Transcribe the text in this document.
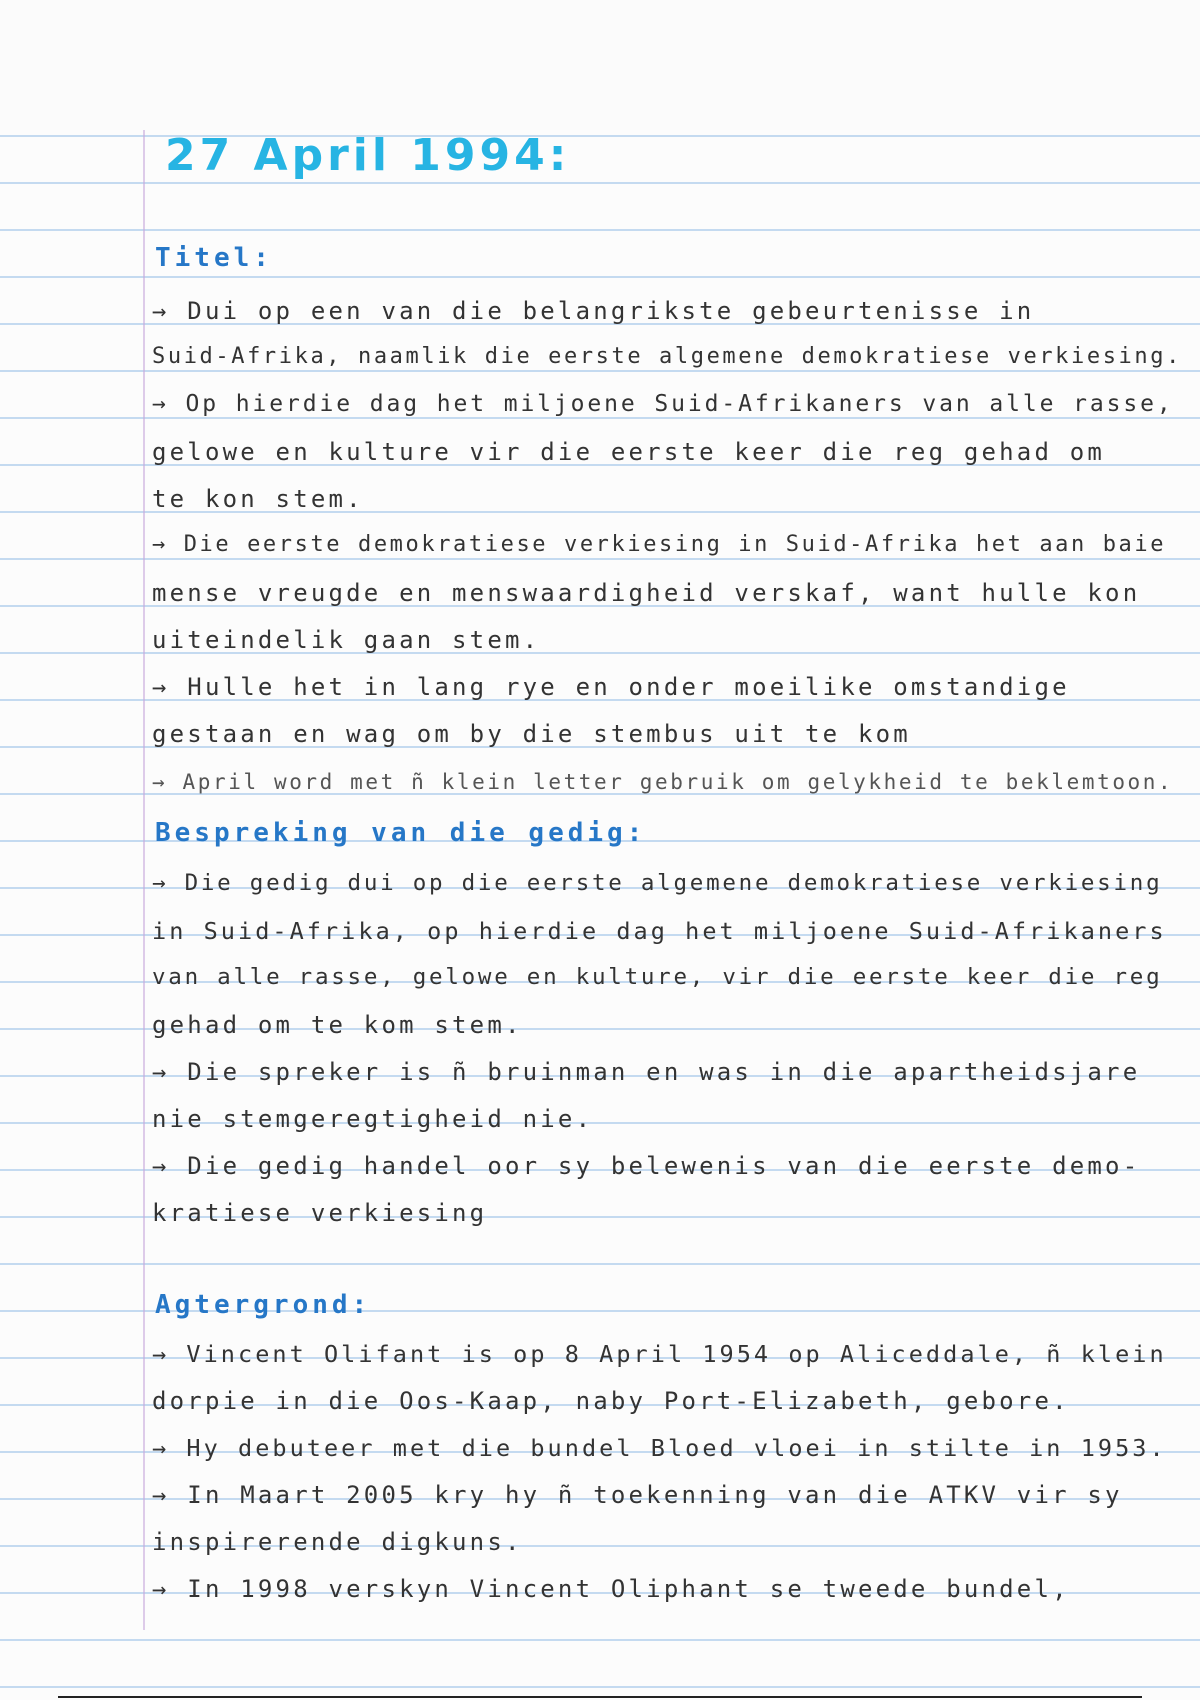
27 April 1994:
Titel:
→ Dui op een van die belangrikste gebeurtenisse in
Suid-Afrika, naamlik die eerste algemene demokratiese verkiesing.
→ Op hierdie dag het miljoene Suid-Afrikaners van alle rasse,
gelowe en kulture vir die eerste keer die reg gehad om
te kon stem.
→ Die eerste demokratiese verkiesing in Suid-Afrika het aan baie
mense vreugde en menswaardigheid verskaf, want hulle kon
uiteindelik gaan stem.
→ Hulle het in lang rye en onder moeilike omstandige
gestaan en wag om by die stembus uit te kom
→ April word met ñ klein letter gebruik om gelykheid te beklemtoon.
Bespreking van die gedig:
→ Die gedig dui op die eerste algemene demokratiese verkiesing
in Suid-Afrika, op hierdie dag het miljoene Suid-Afrikaners
van alle rasse, gelowe en kulture, vir die eerste keer die reg
gehad om te kom stem.
→ Die spreker is ñ bruinman en was in die apartheidsjare
nie stemgeregtigheid nie.
→ Die gedig handel oor sy belewenis van die eerste demo-
kratiese verkiesing
Agtergrond:
→ Vincent Olifant is op 8 April 1954 op Aliceddale, ñ klein
dorpie in die Oos-Kaap, naby Port-Elizabeth, gebore.
→ Hy debuteer met die bundel Bloed vloei in stilte in 1953.
→ In Maart 2005 kry hy ñ toekenning van die ATKV vir sy
inspirerende digkuns.
→ In 1998 verskyn Vincent Oliphant se tweede bundel,
